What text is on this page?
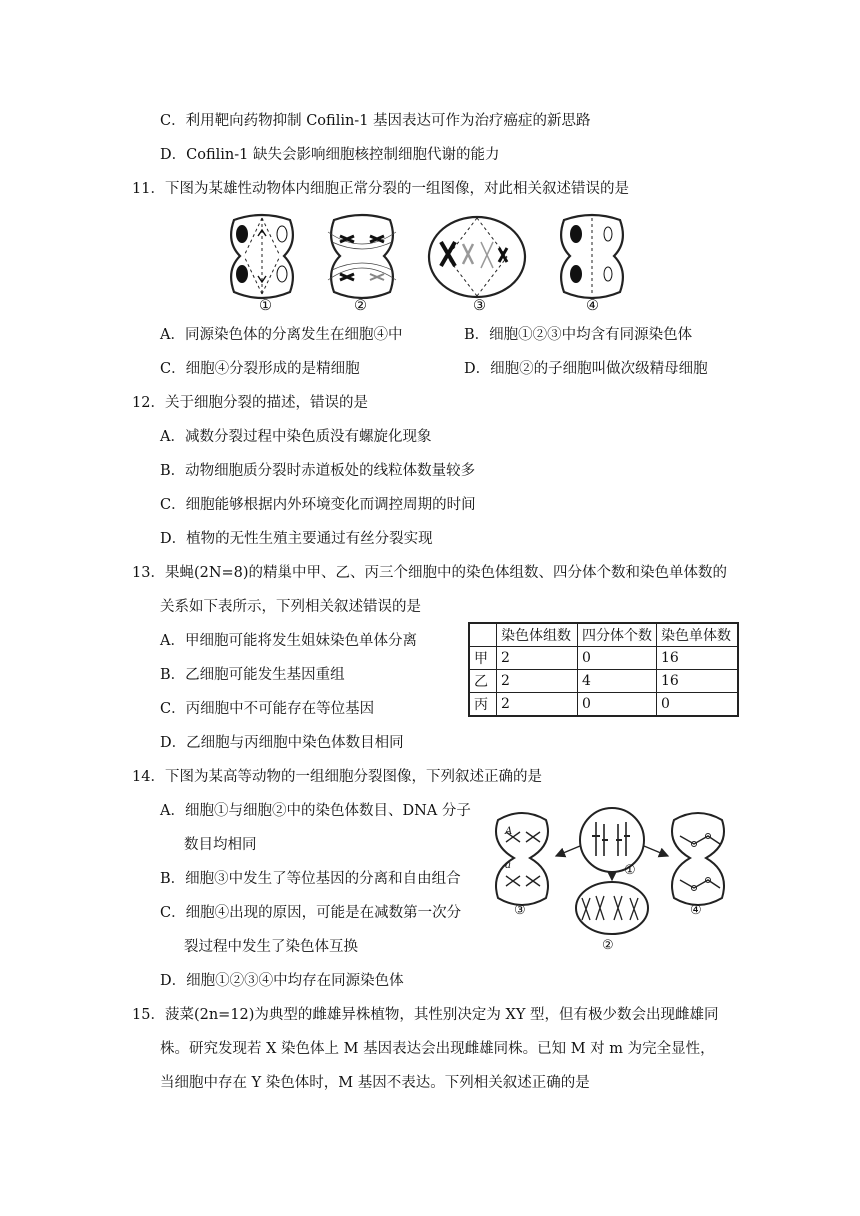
C．利用靶向药物抑制 Cofilin-1 基因表达可作为治疗癌症的新思路
D．Cofilin-1 缺失会影响细胞核控制细胞代谢的能力
11．下图为某雄性动物体内细胞正常分裂的一组图像，对此相关叙述错误的是
①	②	③	④
A．同源染色体的分离发生在细胞④中	B．细胞①②③中均含有同源染色体
C．细胞④分裂形成的是精细胞	D．细胞②的子细胞叫做次级精母细胞
12．关于细胞分裂的描述，错误的是
A．减数分裂过程中染色质没有螺旋化现象
B．动物细胞质分裂时赤道板处的线粒体数量较多
C．细胞能够根据内外环境变化而调控周期的时间
D．植物的无性生殖主要通过有丝分裂实现
13．果蝇(2N=8)的精巢中甲、乙、丙三个细胞中的染色体组数、四分体个数和染色单体数的
关系如下表所示，下列相关叙述错误的是
A．甲细胞可能将发生姐妹染色单体分离
B．乙细胞可能发生基因重组
C．丙细胞中不可能存在等位基因
D．乙细胞与丙细胞中染色体数目相同
	染色体组数	四分体个数	染色单体数
甲	2	0	16
乙	2	4	16
丙	2	0	0
14．下图为某高等动物的一组细胞分裂图像，下列叙述正确的是
A．细胞①与细胞②中的染色体数目、DNA 分子
数目均相同
B．细胞③中发生了等位基因的分离和自由组合
C．细胞④出现的原因，可能是在减数第一次分
裂过程中发生了染色体互换
D．细胞①②③④中均存在同源染色体
③
①
②
④
A
a
15．菠菜(2n=12)为典型的雌雄异株植物，其性别决定为 XY 型，但有极少数会出现雌雄同
株。研究发现若 X 染色体上 M 基因表达会出现雌雄同株。已知 M 对 m 为完全显性，
当细胞中存在 Y 染色体时，M 基因不表达。下列相关叙述正确的是
